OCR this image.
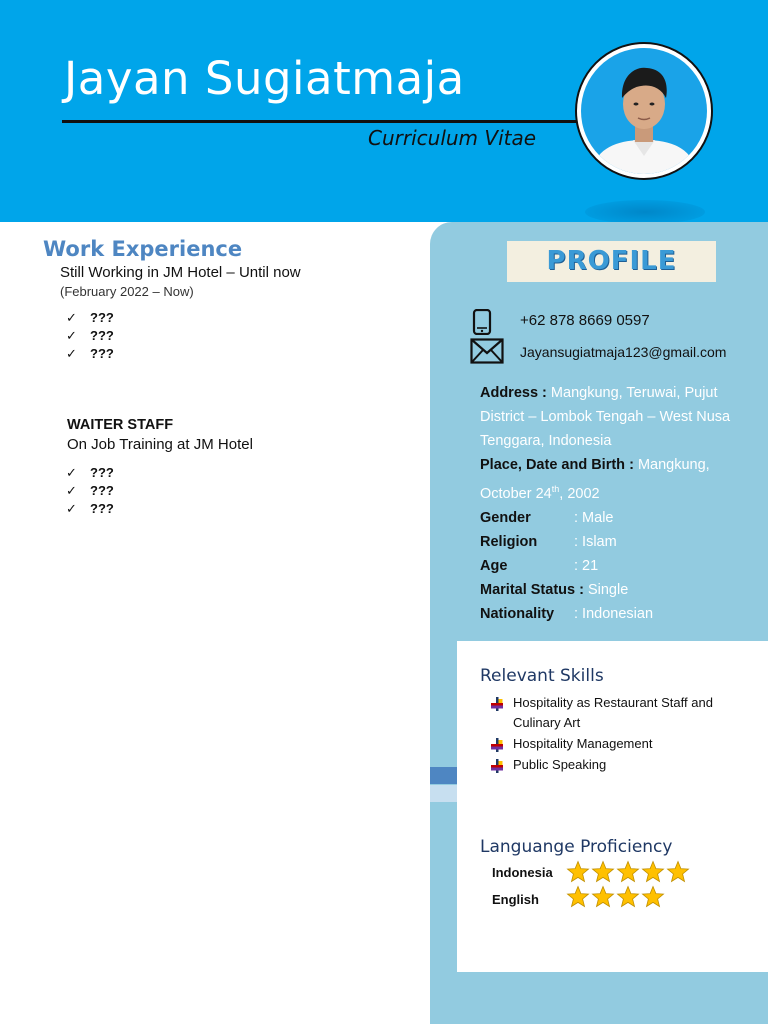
Jayan Sugiatmaja
Curriculum Vitae
PROFILE
+62 878 8669 0597
Jayansugiatmaja123@gmail.com
Address : Mangkung, Teruwai, Pujut District – Lombok Tengah – West Nusa Tenggara, Indonesia
Place, Date and Birth : Mangkung, October 24th, 2002
Gender	: Male
Religion	: Islam
Age	: 21
Marital Status : Single
Nationality : Indonesian
Relevant Skills
Hospitality as Restaurant Staff and Culinary Art
Hospitality Management
Public Speaking
Languange Proficiency
Indonesia
English
Work Experience
Still Working in JM Hotel – Until now
(February 2022 – Now)
✓ ???
✓ ???
✓ ???
WAITER STAFF
On Job Training at JM Hotel
✓ ???
✓ ???
✓ ???
